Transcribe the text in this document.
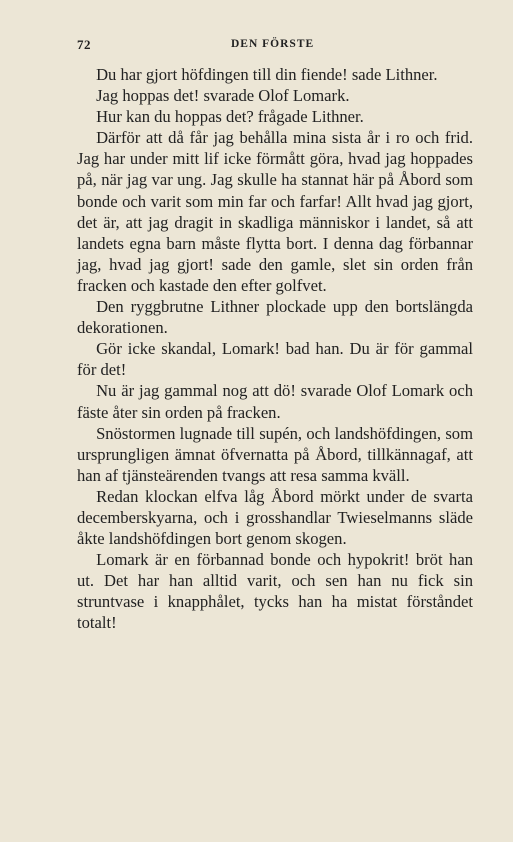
72	DEN FÖRSTE

Du har gjort höfdingen till din fiende! sade Lithner.

Jag hoppas det! svarade Olof Lomark.

Hur kan du hoppas det? frågade Lithner.

Därför att då får jag behålla mina sista år i ro och frid. Jag har under mitt lif icke förmått göra, hvad jag hoppades på, när jag var ung. Jag skulle ha stannat här på Åbord som bonde och varit som min far och farfar! Allt hvad jag gjort, det är, att jag dragit in skadliga människor i landet, så att landets egna barn måste flytta bort. I denna dag förbannar jag, hvad jag gjort! sade den gamle, slet sin orden från fracken och kastade den efter golfvet.

Den ryggbrutne Lithner plockade upp den bortslängda dekorationen.

Gör icke skandal, Lomark! bad han. Du är för gammal för det!

Nu är jag gammal nog att dö! svarade Olof Lomark och fäste åter sin orden på fracken.

Snöstormen lugnade till supén, och landshöfdingen, som ursprungligen ämnat öfvernatta på Åbord, tillkännagaf, att han af tjänsteärenden tvangs att resa samma kväll.

Redan klockan elfva låg Åbord mörkt under de svarta decemberskyarna, och i grosshandlar Twieselmanns släde åkte landshöfdingen bort genom skogen.

Lomark är en förbannad bonde och hypokrit! bröt han ut. Det har han alltid varit, och sen han nu fick sin struntvase i knapphålet, tycks han ha mistat förståndet totalt!
